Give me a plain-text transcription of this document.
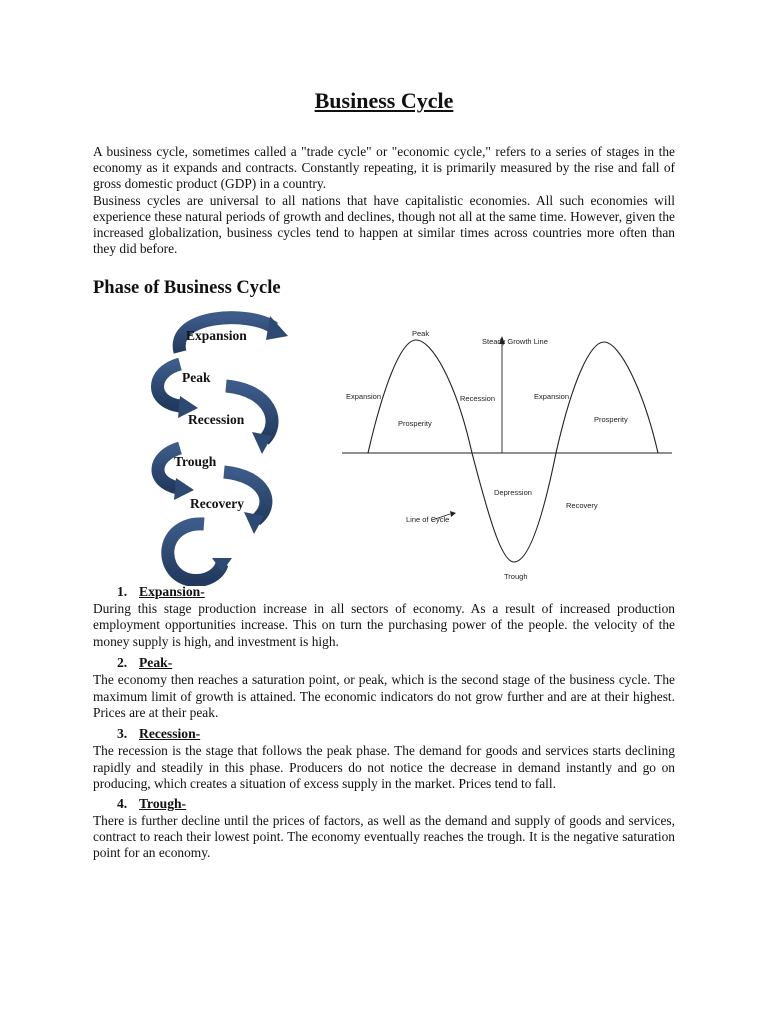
Business Cycle

A business cycle, sometimes called a "trade cycle" or "economic cycle," refers to a series of stages in the economy as it expands and contracts. Constantly repeating, it is primarily measured by the rise and fall of gross domestic product (GDP) in a country.

Business cycles are universal to all nations that have capitalistic economies. All such economies will experience these natural periods of growth and declines, though not all at the same time. However, given the increased globalization, business cycles tend to happen at similar times across countries more often than they did before.

Phase of Business Cycle
Expansion
Peak
Recession
Trough
Recovery
Peak
Steady Growth Line
Expansion
Prosperity
Recession	Expansion
Prosperity
Depression
Recovery
Line of Cycle
Trough
1. Expansion-

During this stage production increase in all sectors of economy. As a result of increased production employment opportunities increase. This on turn the purchasing power of the people. the velocity of the money supply is high, and investment is high.

2. Peak-

The economy then reaches a saturation point, or peak, which is the second stage of the business cycle. The maximum limit of growth is attained. The economic indicators do not grow further and are at their highest. Prices are at their peak.

3. Recession-

The recession is the stage that follows the peak phase. The demand for goods and services starts declining rapidly and steadily in this phase. Producers do not notice the decrease in demand instantly and go on producing, which creates a situation of excess supply in the market. Prices tend to fall.

4. Trough-

There is further decline until the prices of factors, as well as the demand and supply of goods and services, contract to reach their lowest point. The economy eventually reaches the trough. It is the negative saturation point for an economy.
